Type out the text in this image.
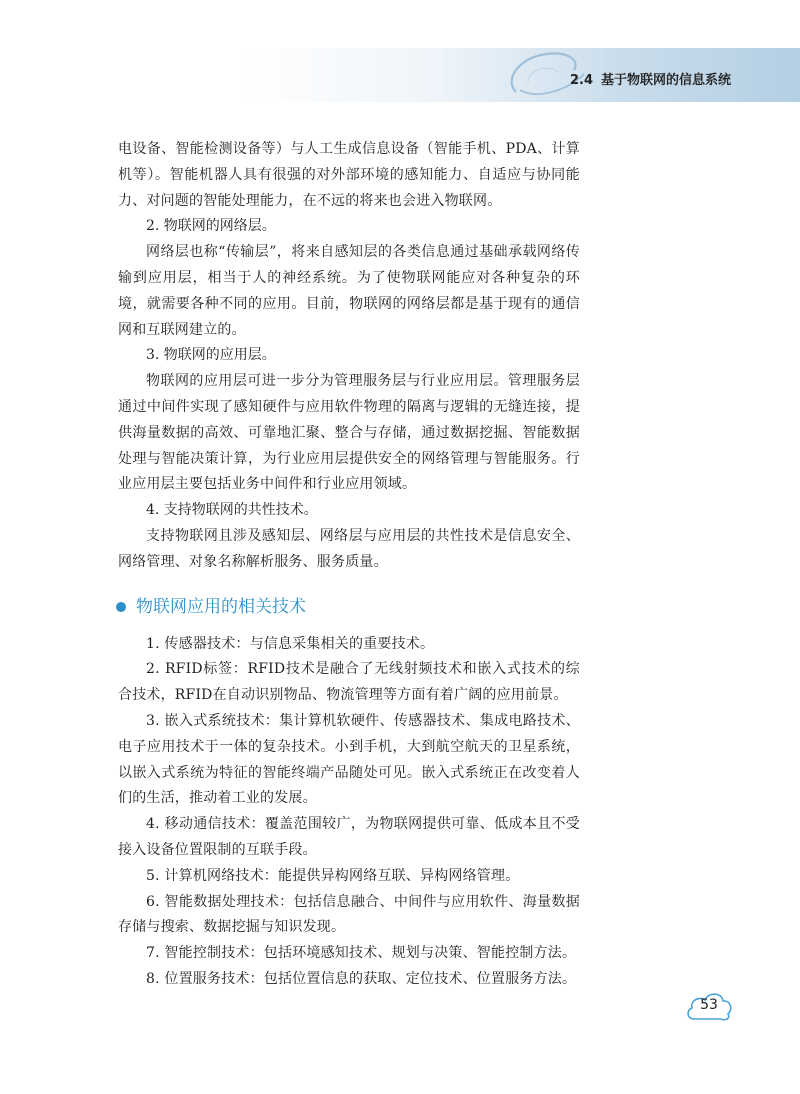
2.4 基于物联网的信息系统

电设备、智能检测设备等）与人工生成信息设备（智能手机、PDA、计算机等）。智能机器人具有很强的对外部环境的感知能力、自适应与协同能力、对问题的智能处理能力，在不远的将来也会进入物联网。

2. 物联网的网络层。

网络层也称“传输层”，将来自感知层的各类信息通过基础承载网络传输到应用层，相当于人的神经系统。为了使物联网能应对各种复杂的环境，就需要各种不同的应用。目前，物联网的网络层都是基于现有的通信网和互联网建立的。

3. 物联网的应用层。

物联网的应用层可进一步分为管理服务层与行业应用层。管理服务层通过中间件实现了感知硬件与应用软件物理的隔离与逻辑的无缝连接，提供海量数据的高效、可靠地汇聚、整合与存储，通过数据挖掘、智能数据处理与智能决策计算，为行业应用层提供安全的网络管理与智能服务。行业应用层主要包括业务中间件和行业应用领域。

4. 支持物联网的共性技术。

支持物联网且涉及感知层、网络层与应用层的共性技术是信息安全、网络管理、对象名称解析服务、服务质量。

物联网应用的相关技术

1. 传感器技术：与信息采集相关的重要技术。

2. RFID标签：RFID技术是融合了无线射频技术和嵌入式技术的综合技术，RFID在自动识别物品、物流管理等方面有着广阔的应用前景。

3. 嵌入式系统技术：集计算机软硬件、传感器技术、集成电路技术、电子应用技术于一体的复杂技术。小到手机，大到航空航天的卫星系统，以嵌入式系统为特征的智能终端产品随处可见。嵌入式系统正在改变着人们的生活，推动着工业的发展。

4. 移动通信技术：覆盖范围较广，为物联网提供可靠、低成本且不受接入设备位置限制的互联手段。

5. 计算机网络技术：能提供异构网络互联、异构网络管理。

6. 智能数据处理技术：包括信息融合、中间件与应用软件、海量数据存储与搜索、数据挖掘与知识发现。

7. 智能控制技术：包括环境感知技术、规划与决策、智能控制方法。

8. 位置服务技术：包括位置信息的获取、定位技术、位置服务方法。

53
